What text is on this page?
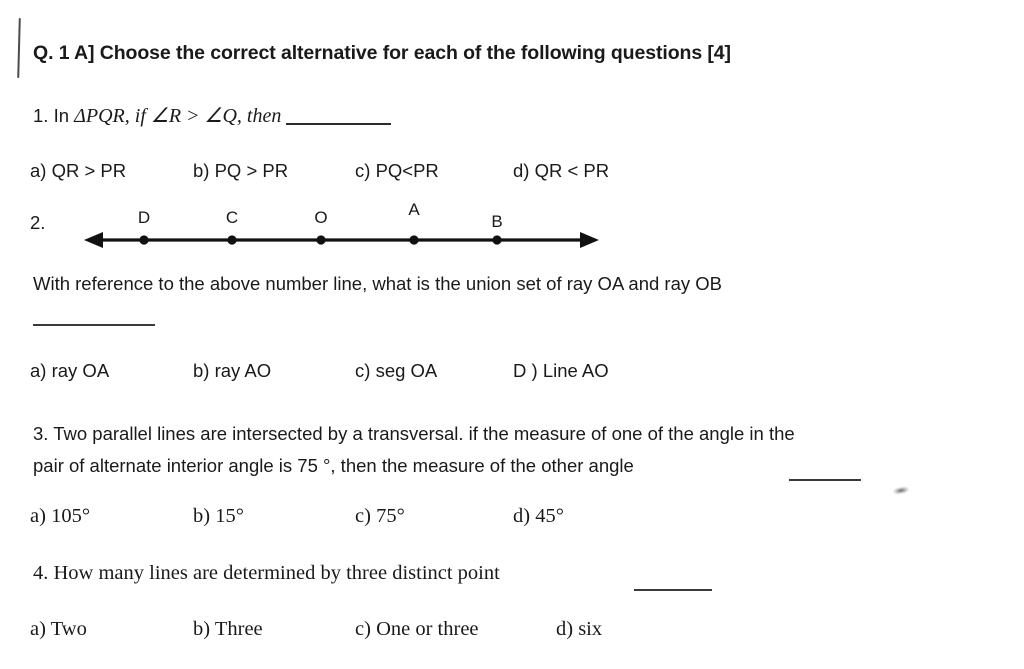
Q. 1 A] Choose the correct alternative for each of the following questions [4]
1. In ΔPQR, if ∠R > ∠Q, then
a) QR > PR	b) PQ > PR	c) PQ<PR	d) QR < PR
2.	D	C	O	A
B
With reference to the above number line, what is the union set of ray OA and ray OB
a) ray OA	b) ray AO	c) seg OA	D ) Line AO
3. Two parallel lines are intersected by a transversal. if the measure of one of the angle in the
pair of alternate interior angle is 75 °, then the measure of the other angle
a) 105°	b) 15°	c) 75°	d) 45°
4. How many lines are determined by three distinct point
a) Two	b) Three	c) One or three	d) six
